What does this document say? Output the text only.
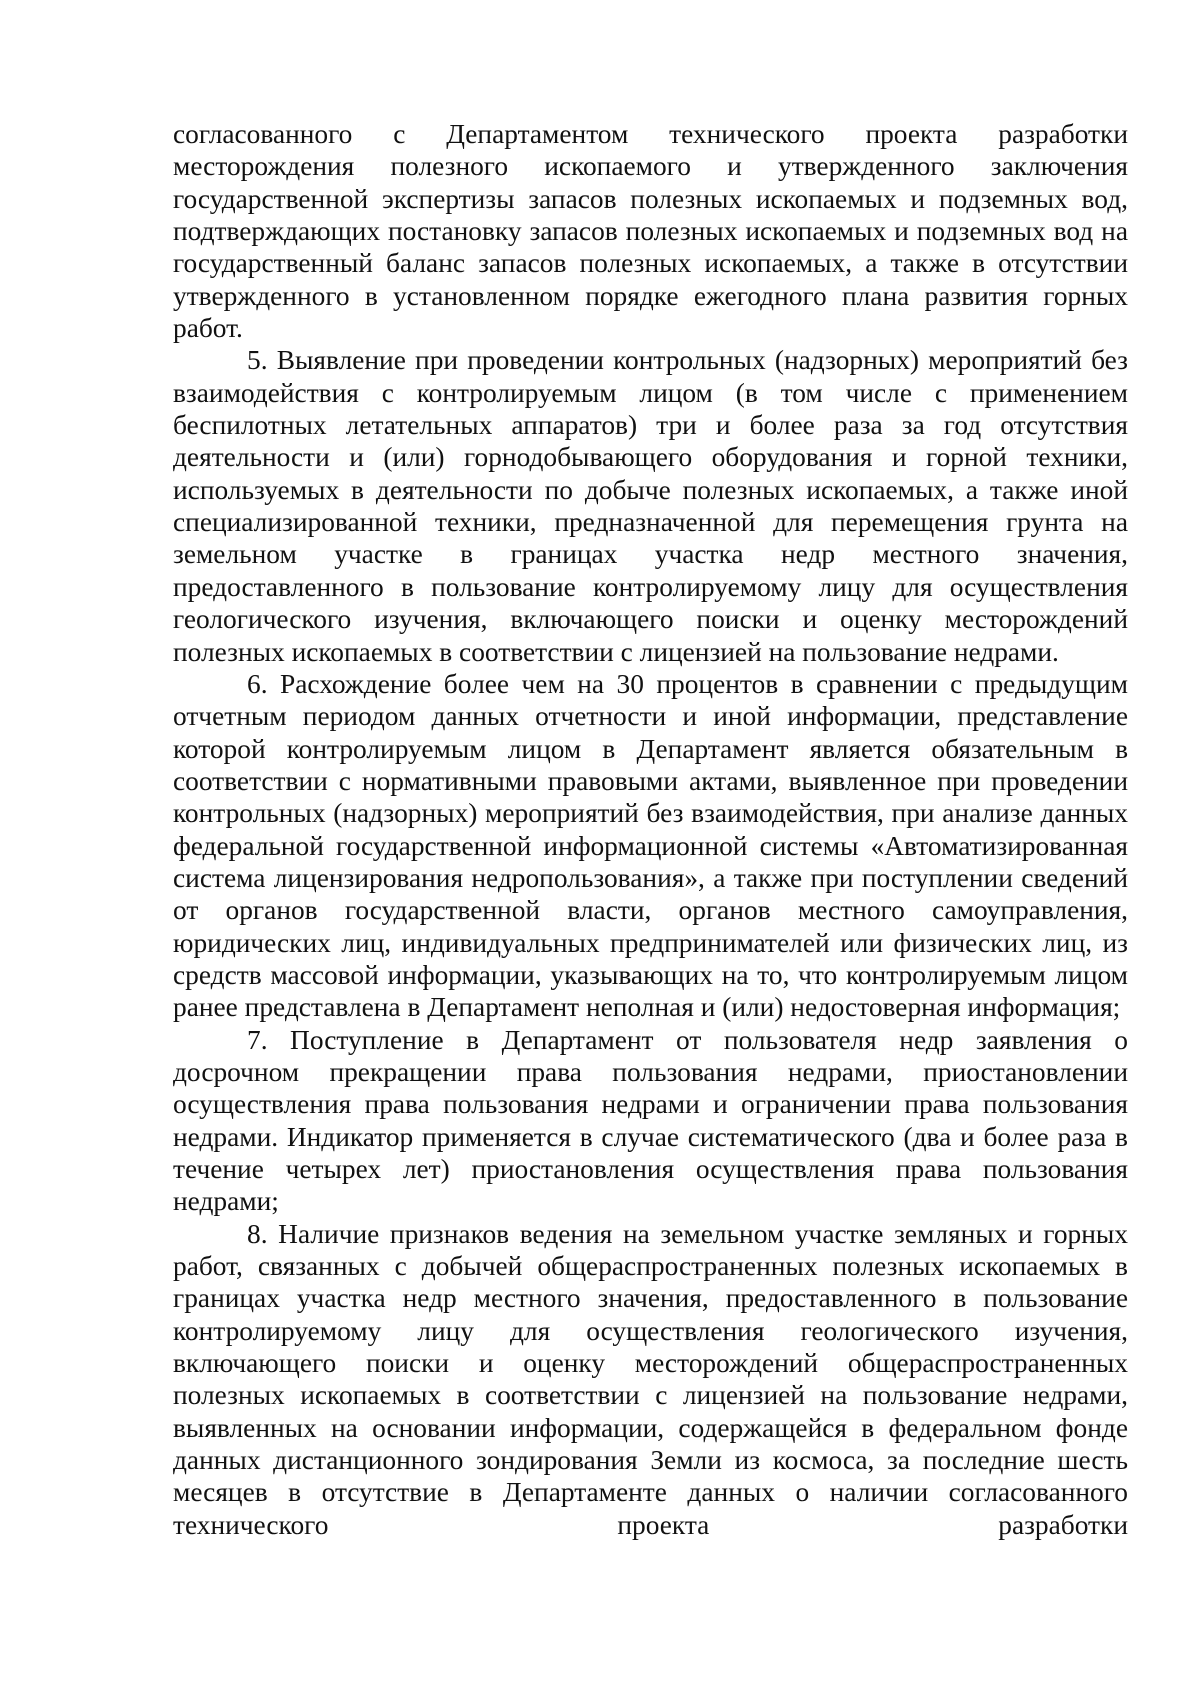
согласованного с Департаментом технического проекта разработки месторождения полезного ископаемого и утвержденного заключения государственной экспертизы запасов полезных ископаемых и подземных вод, подтверждающих постановку запасов полезных ископаемых и подземных вод на государственный баланс запасов полезных ископаемых, а также в отсутствии утвержденного в установленном порядке ежегодного плана развития горных работ.

5. Выявление при проведении контрольных (надзорных) мероприятий без взаимодействия с контролируемым лицом (в том числе с применением беспилотных летательных аппаратов) три и более раза за год отсутствия деятельности и (или) горнодобывающего оборудования и горной техники, используемых в деятельности по добыче полезных ископаемых, а также иной специализированной техники, предназначенной для перемещения грунта на земельном участке в границах участка недр местного значения, предоставленного в пользование контролируемому лицу для осуществления геологического изучения, включающего поиски и оценку месторождений полезных ископаемых в соответствии с лицензией на пользование недрами.

6. Расхождение более чем на 30 процентов в сравнении с предыдущим отчетным периодом данных отчетности и иной информации, представление которой контролируемым лицом в Департамент является обязательным в соответствии с нормативными правовыми актами, выявленное при проведении контрольных (надзорных) мероприятий без взаимодействия, при анализе данных федеральной государственной информационной системы «Автоматизированная система лицензирования недропользования», а также при поступлении сведений от органов государственной власти, органов местного самоуправления, юридических лиц, индивидуальных предпринимателей или физических лиц, из средств массовой информации, указывающих на то, что контролируемым лицом ранее представлена в Департамент неполная и (или) недостоверная информация;

7. Поступление в Департамент от пользователя недр заявления о досрочном прекращении права пользования недрами, приостановлении осуществления права пользования недрами и ограничении права пользования недрами. Индикатор применяется в случае систематического (два и более раза в течение четырех лет) приостановления осуществления права пользования недрами;

8. Наличие признаков ведения на земельном участке земляных и горных работ, связанных с добычей общераспространенных полезных ископаемых в границах участка недр местного значения, предоставленного в пользование контролируемому лицу для осуществления геологического изучения, включающего поиски и оценку месторождений общераспространенных полезных ископаемых в соответствии с лицензией на пользование недрами, выявленных на основании информации, содержащейся в федеральном фонде данных дистанционного зондирования Земли из космоса, за последние шесть месяцев в отсутствие в Департаменте данных о наличии согласованного технического проекта разработки
